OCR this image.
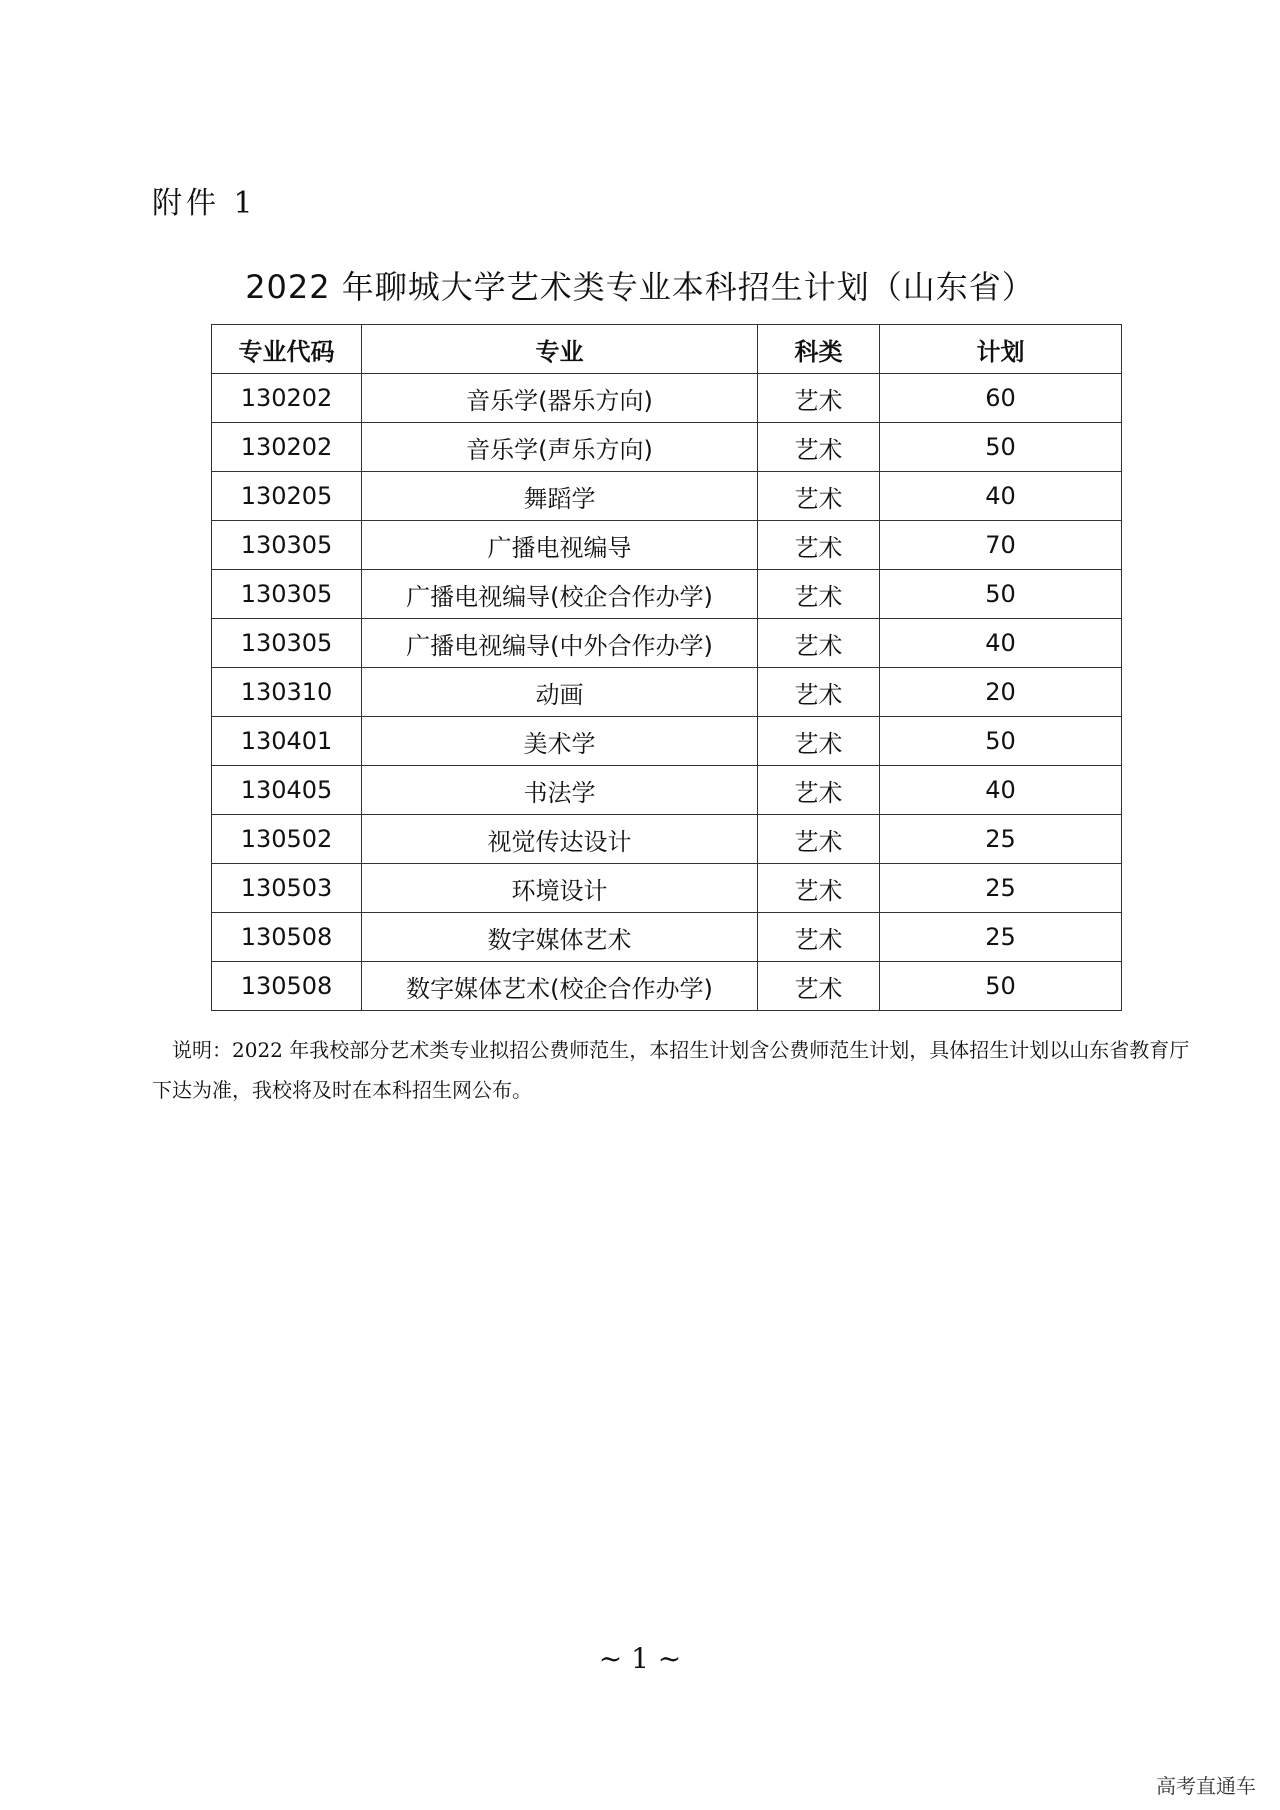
附件 1
2022 年聊城大学艺术类专业本科招生计划（山东省）
专业代码	专业	科类	计划
130202	音乐学(器乐方向)	艺术	60
130202	音乐学(声乐方向)	艺术	50
130205	舞蹈学	艺术	40
130305	广播电视编导	艺术	70
130305	广播电视编导(校企合作办学)	艺术	50
130305	广播电视编导(中外合作办学)	艺术	40
130310	动画	艺术	20
130401	美术学	艺术	50
130405	书法学	艺术	40
130502	视觉传达设计	艺术	25
130503	环境设计	艺术	25
130508	数字媒体艺术	艺术	25
130508	数字媒体艺术(校企合作办学)	艺术	50
说明：2022 年我校部分艺术类专业拟招公费师范生，本招生计划含公费师范生计划，具体招生计划以山东省教育厅下达为准，我校将及时在本科招生网公布。
~ 1 ~
高考直通车
